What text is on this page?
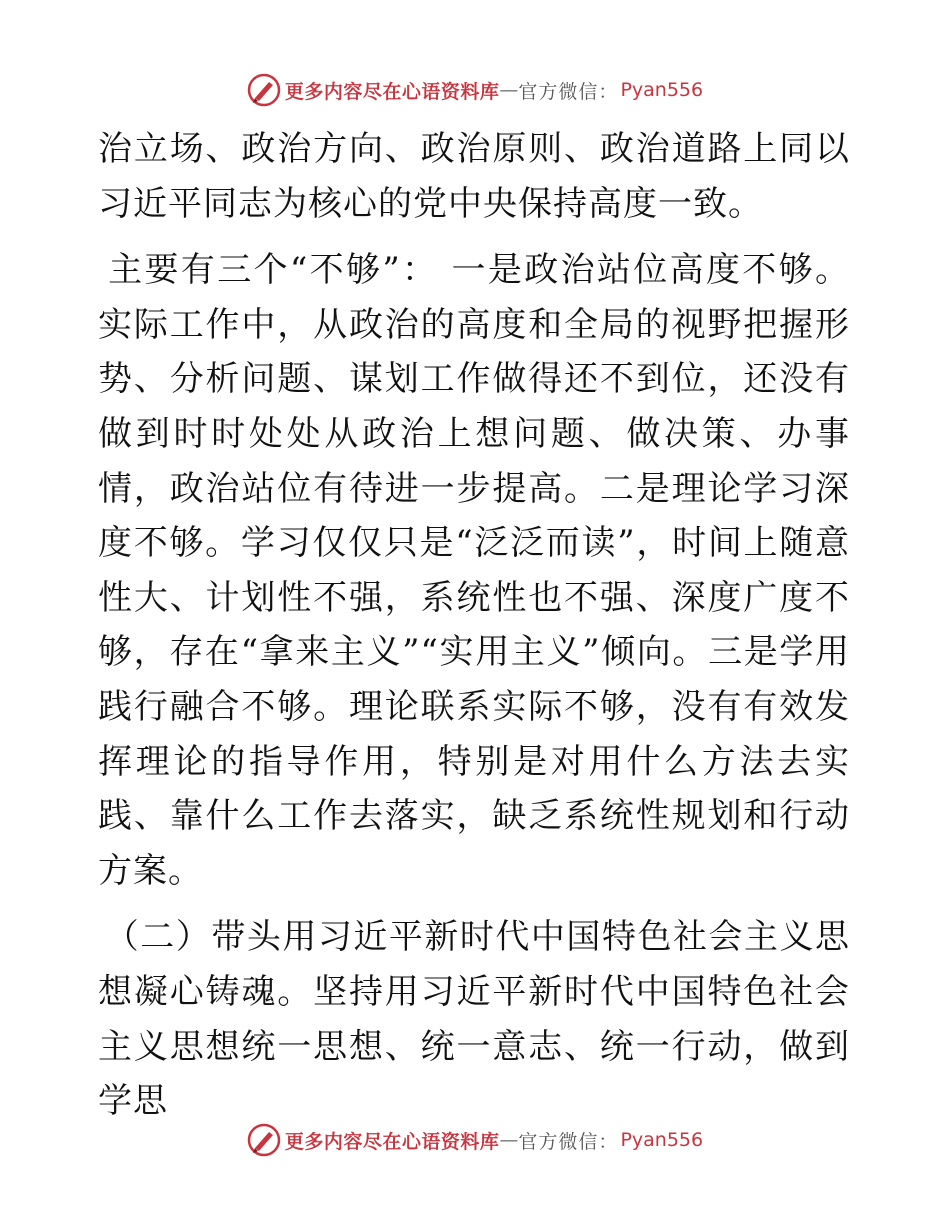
更多内容尽在心语资料库 — 官方微信： Pyan556

治立场、政治方向、政治原则、政治道路上同以习近平同志为核心的党中央保持高度一致。

主要有三个“不够”： 一是政治站位高度不够。实际工作中，从政治的高度和全局的视野把握形势、分析问题、谋划工作做得还不到位，还没有做到时时处处从政治上想问题、做决策、办事情，政治站位有待进一步提高。二是理论学习深度不够。学习仅仅只是“泛泛而读”，时间上随意性大、计划性不强，系统性也不强、深度广度不够，存在“拿来主义”“实用主义”倾向。三是学用践行融合不够。理论联系实际不够，没有有效发挥理论的指导作用，特别是对用什么方法去实践、靠什么工作去落实，缺乏系统性规划和行动方案。

（二）带头用习近平新时代中国特色社会主义思想凝心铸魂。坚持用习近平新时代中国特色社会主义思想统一思想、统一意志、统一行动，做到学思

更多内容尽在心语资料库 — 官方微信： Pyan556
